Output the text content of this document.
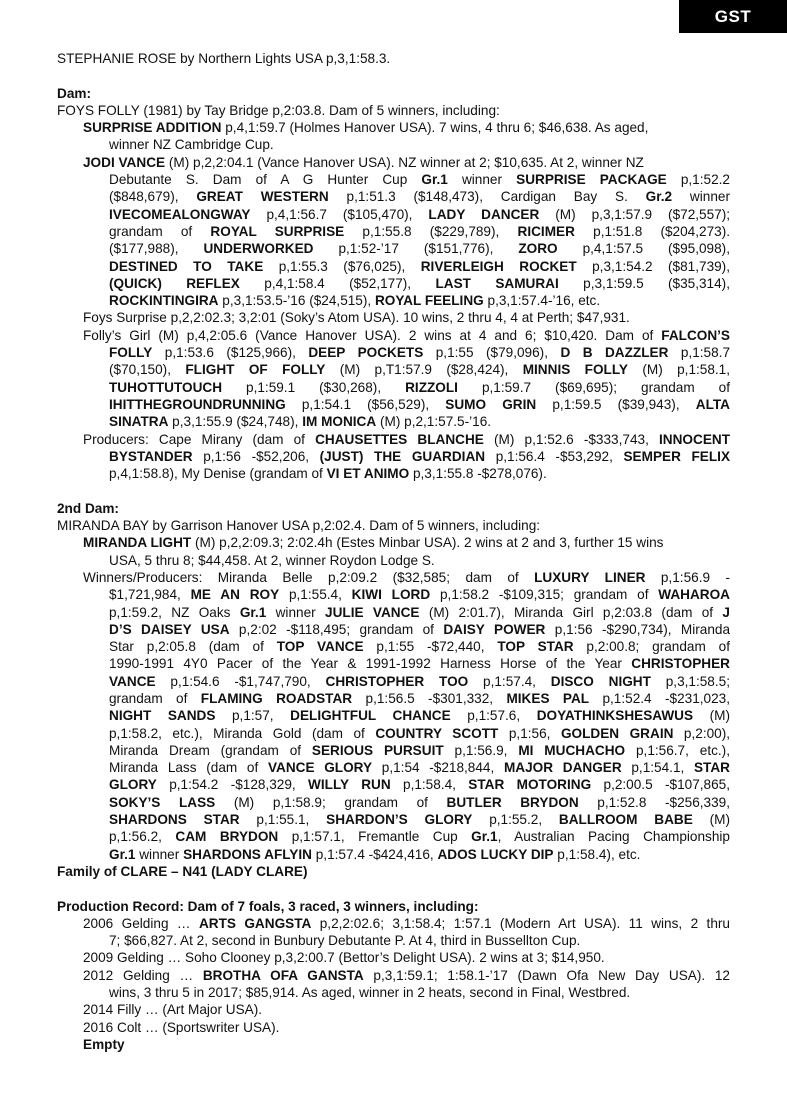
GST
STEPHANIE ROSE by Northern Lights USA p,3,1:58.3.
Dam:
FOYS FOLLY (1981) by Tay Bridge p,2:03.8. Dam of 5 winners, including:
SURPRISE ADDITION p,4,1:59.7 (Holmes Hanover USA). 7 wins, 4 thru 6; $46,638. As aged,
winner NZ Cambridge Cup.
JODI VANCE (M) p,2,2:04.1 (Vance Hanover USA). NZ winner at 2; $10,635. At 2, winner NZ
Debutante S. Dam of A G Hunter Cup Gr.1 winner SURPRISE PACKAGE p,1:52.2
($848,679), GREAT WESTERN p,1:51.3 ($148,473), Cardigan Bay S. Gr.2 winner
IVECOMEALONGWAY p,4,1:56.7 ($105,470), LADY DANCER (M) p,3,1:57.9 ($72,557);
grandam of ROYAL SURPRISE p,1:55.8 ($229,789), RICIMER p,1:51.8 ($204,273).
($177,988), UNDERWORKED p,1:52-’17 ($151,776), ZORO p,4,1:57.5 ($95,098),
DESTINED TO TAKE p,1:55.3 ($76,025), RIVERLEIGH ROCKET p,3,1:54.2 ($81,739),
(QUICK) REFLEX p,4,1:58.4 ($52,177), LAST SAMURAI p,3,1:59.5 ($35,314),
ROCKINTINGIRA p,3,1:53.5-’16 ($24,515), ROYAL FEELING p,3,1:57.4-’16, etc.
Foys Surprise p,2,2:02.3; 3,2:01 (Soky’s Atom USA). 10 wins, 2 thru 4, 4 at Perth; $47,931.
Folly’s Girl (M) p,4,2:05.6 (Vance Hanover USA). 2 wins at 4 and 6; $10,420. Dam of FALCON’S
FOLLY p,1:53.6 ($125,966), DEEP POCKETS p,1:55 ($79,096), D B DAZZLER p,1:58.7
($70,150), FLIGHT OF FOLLY (M) p,T1:57.9 ($28,424), MINNIS FOLLY (M) p,1:58.1,
TUHOTTUTOUCH p,1:59.1 ($30,268), RIZZOLI p,1:59.7 ($69,695); grandam of
IHITTHEGROUNDRUNNING p,1:54.1 ($56,529), SUMO GRIN p,1:59.5 ($39,943), ALTA
SINATRA p,3,1:55.9 ($24,748), IM MONICA (M) p,2,1:57.5-’16.
Producers: Cape Mirany (dam of CHAUSETTES BLANCHE (M) p,1:52.6 -$333,743, INNOCENT
BYSTANDER p,1:56 -$52,206, (JUST) THE GUARDIAN p,1:56.4 -$53,292, SEMPER FELIX
p,4,1:58.8), My Denise (grandam of VI ET ANIMO p,3,1:55.8 -$278,076).
2nd Dam:
MIRANDA BAY by Garrison Hanover USA p,2:02.4. Dam of 5 winners, including:
MIRANDA LIGHT (M) p,2,2:09.3; 2:02.4h (Estes Minbar USA). 2 wins at 2 and 3, further 15 wins
USA, 5 thru 8; $44,458. At 2, winner Roydon Lodge S.
Winners/Producers: Miranda Belle p,2:09.2 ($32,585; dam of LUXURY LINER p,1:56.9 -
$1,721,984, ME AN ROY p,1:55.4, KIWI LORD p,1:58.2 -$109,315; grandam of WAHAROA
p,1:59.2, NZ Oaks Gr.1 winner JULIE VANCE (M) 2:01.7), Miranda Girl p,2:03.8 (dam of J
D’S DAISEY USA p,2:02 -$118,495; grandam of DAISY POWER p,1:56 -$290,734), Miranda
Star p,2:05.8 (dam of TOP VANCE p,1:55 -$72,440, TOP STAR p,2:00.8; grandam of
1990-1991 4Y0 Pacer of the Year & 1991-1992 Harness Horse of the Year CHRISTOPHER
VANCE p,1:54.6 -$1,747,790, CHRISTOPHER TOO p,1:57.4, DISCO NIGHT p,3,1:58.5;
grandam of FLAMING ROADSTAR p,1:56.5 -$301,332, MIKES PAL p,1:52.4 -$231,023,
NIGHT SANDS p,1:57, DELIGHTFUL CHANCE p,1:57.6, DOYATHINKSHESAWUS (M)
p,1:58.2, etc.), Miranda Gold (dam of COUNTRY SCOTT p,1:56, GOLDEN GRAIN p,2:00),
Miranda Dream (grandam of SERIOUS PURSUIT p,1:56.9, MI MUCHACHO p,1:56.7, etc.),
Miranda Lass (dam of VANCE GLORY p,1:54 -$218,844, MAJOR DANGER p,1:54.1, STAR
GLORY p,1:54.2 -$128,329, WILLY RUN p,1:58.4, STAR MOTORING p,2:00.5 -$107,865,
SOKY’S LASS (M) p,1:58.9; grandam of BUTLER BRYDON p,1:52.8 -$256,339,
SHARDONS STAR p,1:55.1, SHARDON’S GLORY p,1:55.2, BALLROOM BABE (M)
p,1:56.2, CAM BRYDON p,1:57.1, Fremantle Cup Gr.1, Australian Pacing Championship
Gr.1 winner SHARDONS AFLYIN p,1:57.4 -$424,416, ADOS LUCKY DIP p,1:58.4), etc.
Family of CLARE – N41 (LADY CLARE)
Production Record: Dam of 7 foals, 3 raced, 3 winners, including:
2006 Gelding … ARTS GANGSTA p,2,2:02.6; 3,1:58.4; 1:57.1 (Modern Art USA). 11 wins, 2 thru
7; $66,827. At 2, second in Bunbury Debutante P. At 4, third in Bussellton Cup.
2009 Gelding … Soho Clooney p,3,2:00.7 (Bettor’s Delight USA). 2 wins at 3; $14,950.
2012 Gelding … BROTHA OFA GANSTA p,3,1:59.1; 1:58.1-’17 (Dawn Ofa New Day USA). 12
wins, 3 thru 5 in 2017; $85,914. As aged, winner in 2 heats, second in Final, Westbred.
2014 Filly … (Art Major USA).
2016 Colt … (Sportswriter USA).
Empty
